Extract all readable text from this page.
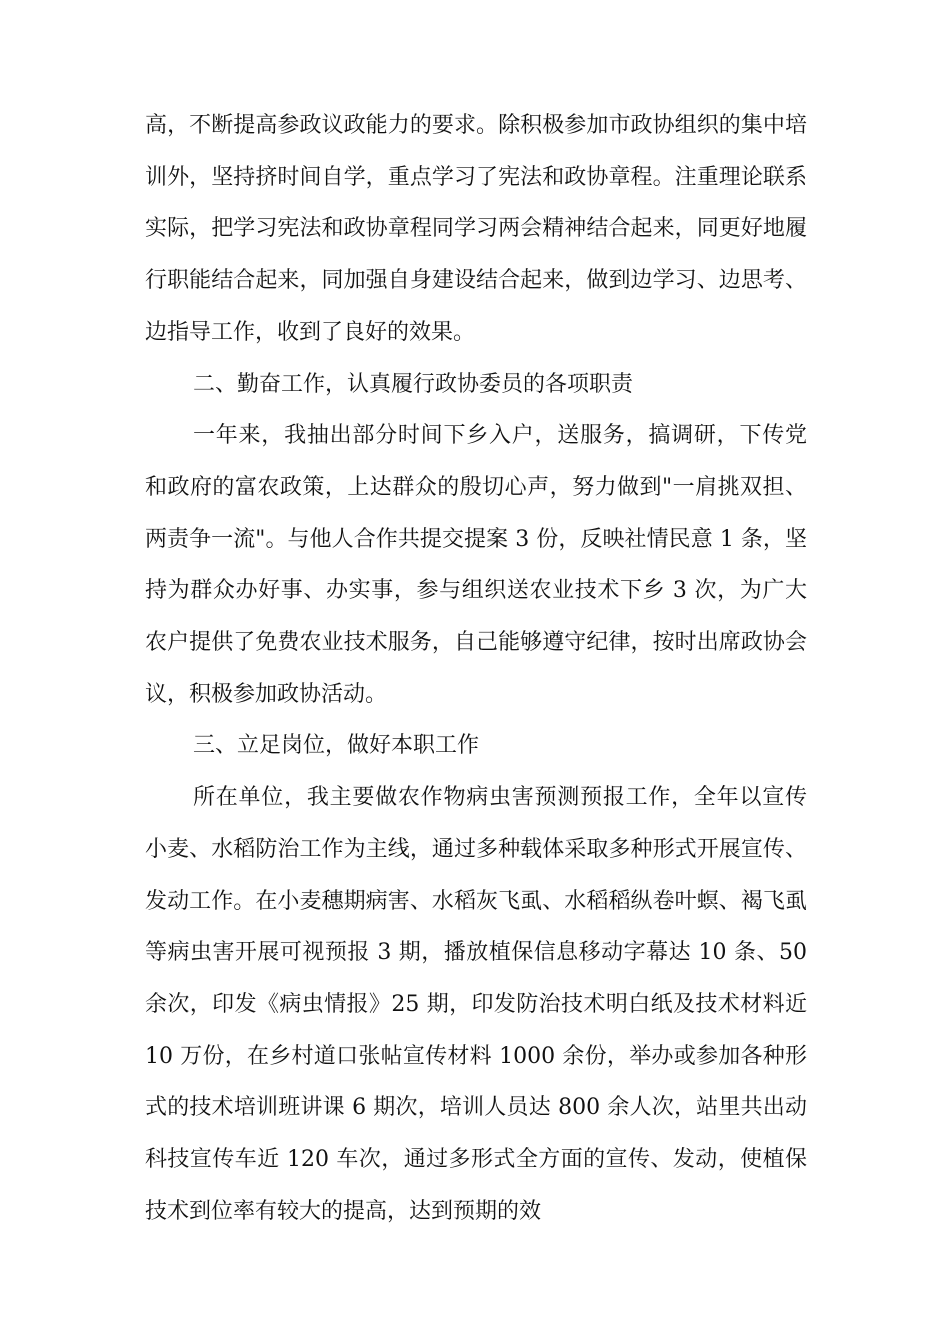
高，不断提高参政议政能力的要求。除积极参加市政协组织的集中培训外，坚持挤时间自学，重点学习了宪法和政协章程。注重理论联系实际，把学习宪法和政协章程同学习两会精神结合起来，同更好地履行职能结合起来，同加强自身建设结合起来，做到边学习、边思考、边指导工作，收到了良好的效果。

二、勤奋工作，认真履行政协委员的各项职责

一年来，我抽出部分时间下乡入户，送服务，搞调研，下传党和政府的富农政策，上达群众的殷切心声，努力做到"一肩挑双担、两责争一流"。与他人合作共提交提案 3 份，反映社情民意 1 条，坚持为群众办好事、办实事，参与组织送农业技术下乡 3 次，为广大农户提供了免费农业技术服务，自己能够遵守纪律，按时出席政协会议，积极参加政协活动。

三、立足岗位，做好本职工作

所在单位，我主要做农作物病虫害预测预报工作，全年以宣传小麦、水稻防治工作为主线，通过多种载体采取多种形式开展宣传、发动工作。在小麦穗期病害、水稻灰飞虱、水稻稻纵卷叶螟、褐飞虱等病虫害开展可视预报 3 期，播放植保信息移动字幕达 10 条、50 余次，印发《病虫情报》25 期，印发防治技术明白纸及技术材料近 10 万份，在乡村道口张帖宣传材料 1000 余份，举办或参加各种形式的技术培训班讲课 6 期次，培训人员达 800 余人次，站里共出动科技宣传车近 120 车次，通过多形式全方面的宣传、发动，使植保技术到位率有较大的提高，达到预期的效
